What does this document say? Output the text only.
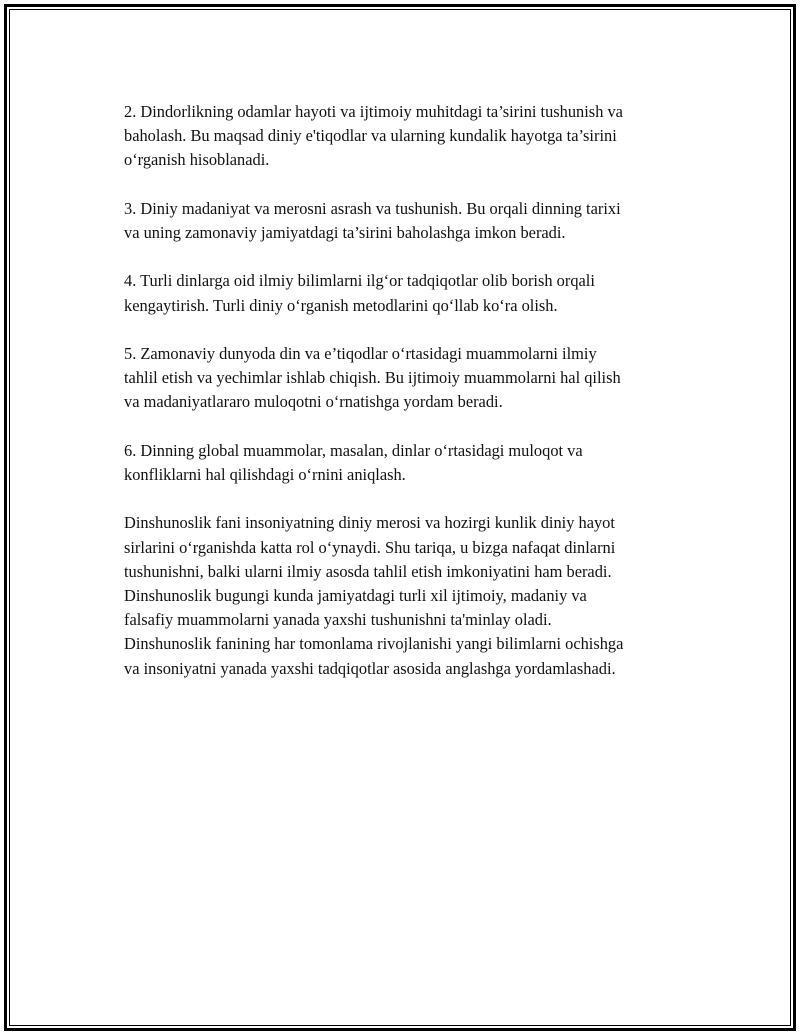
2. Dindorlikning odamlar hayoti va ijtimoiy muhitdagi ta’sirini tushunish va
baholash. Bu maqsad diniy e'tiqodlar va ularning kundalik hayotga ta’sirini
o‘rganish hisoblanadi.

3. Diniy madaniyat va merosni asrash va tushunish. Bu orqali dinning tarixi
va uning zamonaviy jamiyatdagi ta’sirini baholashga imkon beradi.

4. Turli dinlarga oid ilmiy bilimlarni ilg‘or tadqiqotlar olib borish orqali
kengaytirish. Turli diniy o‘rganish metodlarini qo‘llab ko‘ra olish.

5. Zamonaviy dunyoda din va e’tiqodlar o‘rtasidagi muammolarni ilmiy
tahlil etish va yechimlar ishlab chiqish. Bu ijtimoiy muammolarni hal qilish
va madaniyatlararo muloqotni o‘rnatishga yordam beradi.

6. Dinning global muammolar, masalan, dinlar o‘rtasidagi muloqot va
konfliklarni hal qilishdagi o‘rnini aniqlash.

Dinshunoslik fani insoniyatning diniy merosi va hozirgi kunlik diniy hayot
sirlarini o‘rganishda katta rol o‘ynaydi. Shu tariqa, u bizga nafaqat dinlarni
tushunishni, balki ularni ilmiy asosda tahlil etish imkoniyatini ham beradi.
Dinshunoslik bugungi kunda jamiyatdagi turli xil ijtimoiy, madaniy va
falsafiy muammolarni yanada yaxshi tushunishni ta'minlay oladi.
Dinshunoslik fanining har tomonlama rivojlanishi yangi bilimlarni ochishga
va insoniyatni yanada yaxshi tadqiqotlar asosida anglashga yordamlashadi.
